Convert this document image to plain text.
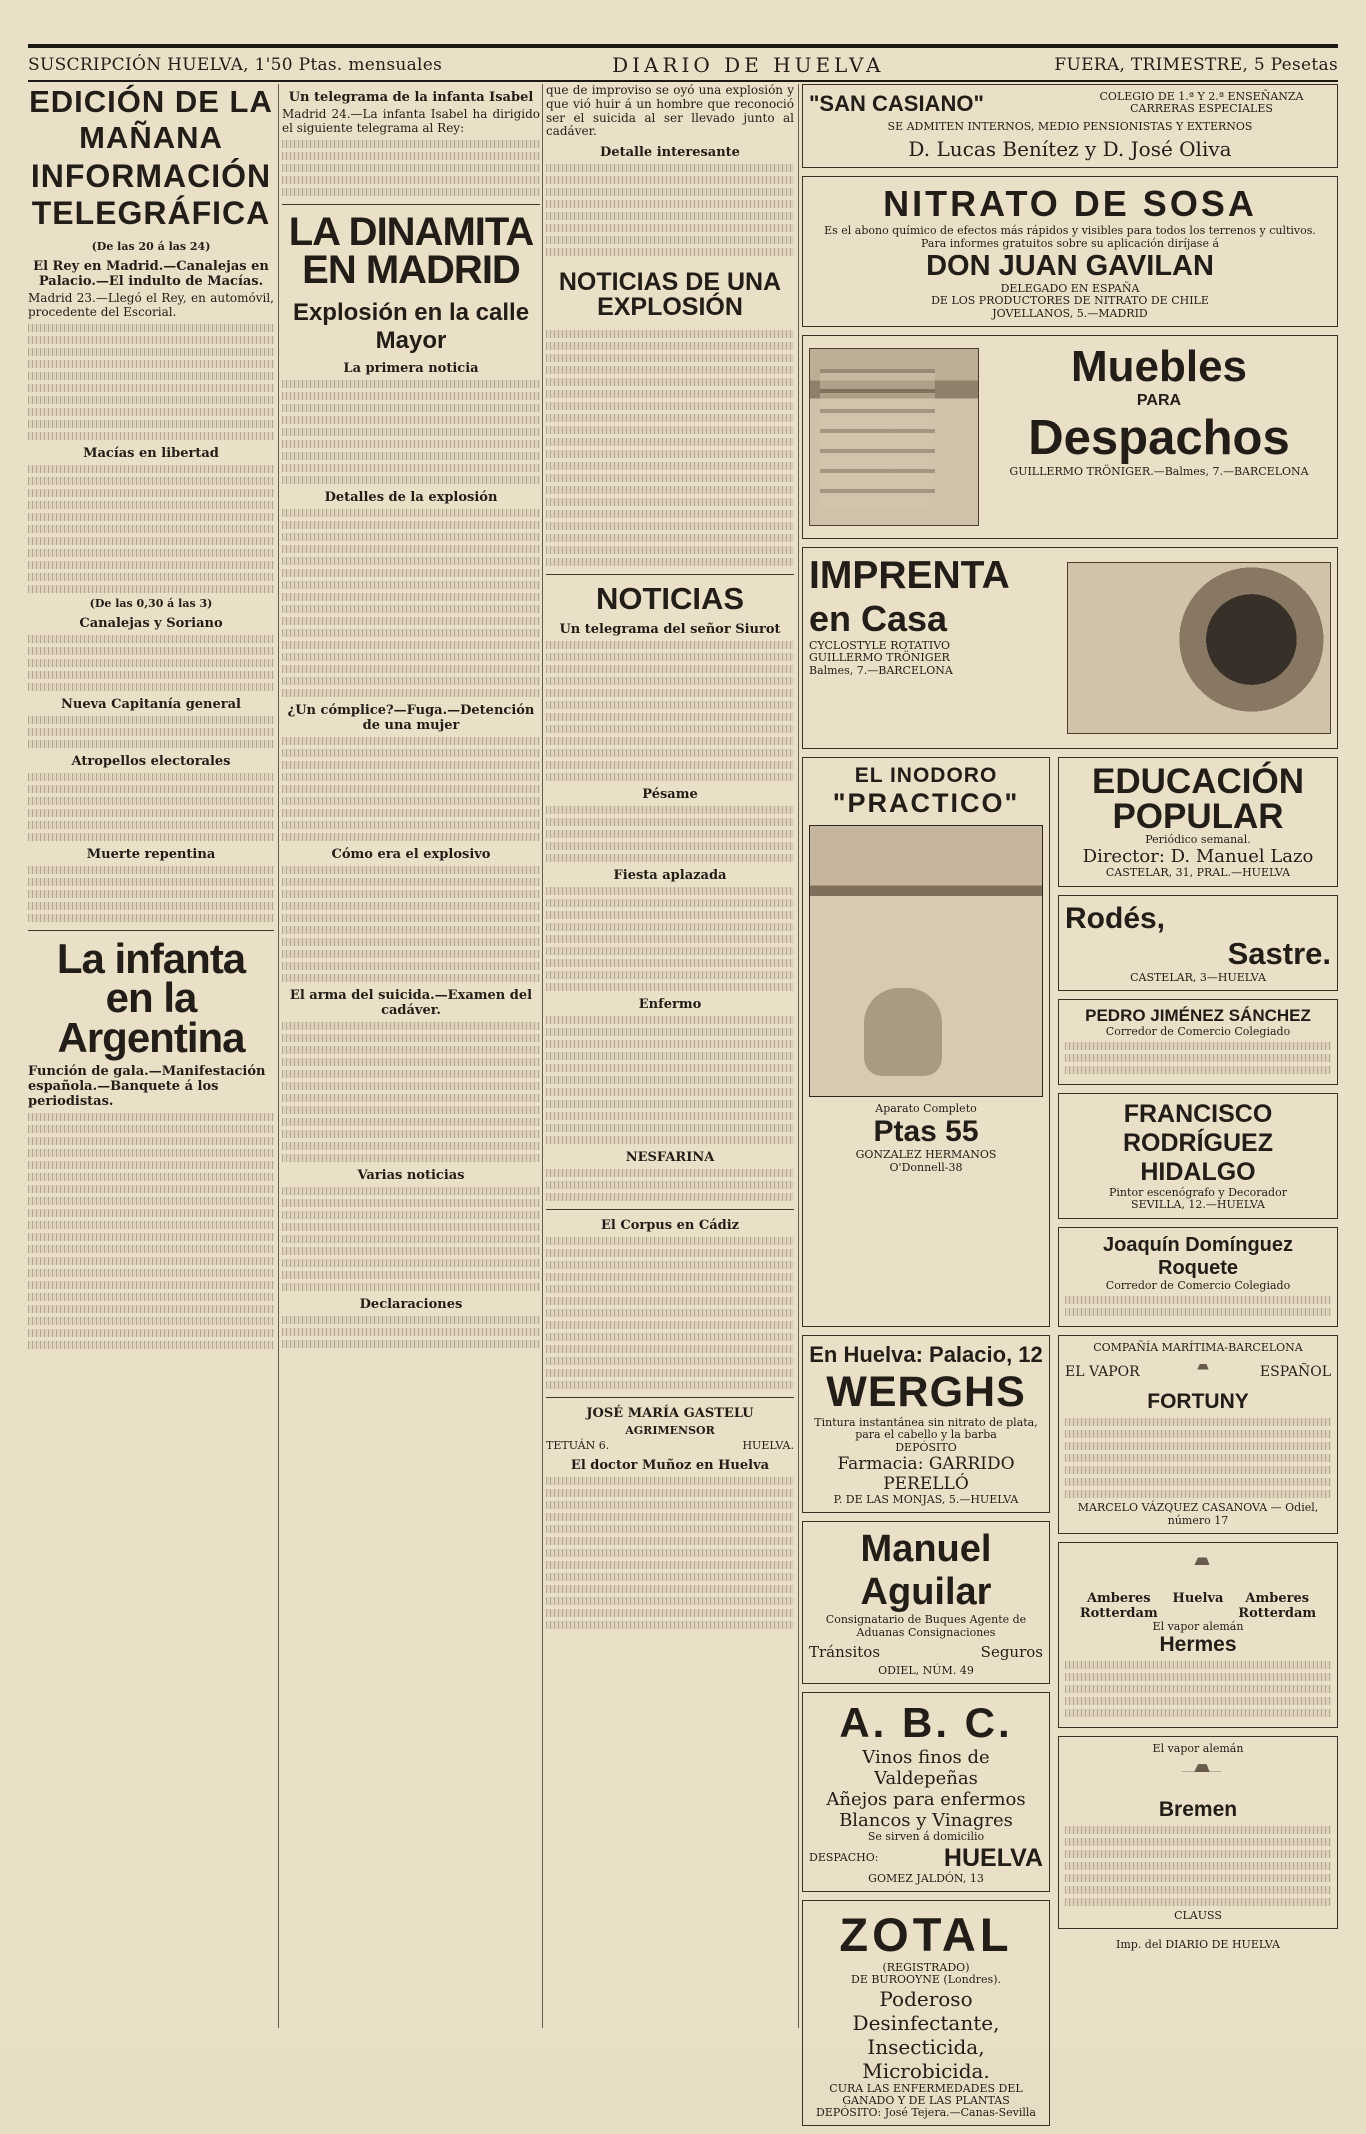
SUSCRIPCIÓN HUELVA, 1'50 Ptas. mensuales	DIARIO DE HUELVA	FUERA, TRIMESTRE, 5 Pesetas
EDICIÓN DE LA MAÑANA
INFORMACIÓN TELEGRÁFICA
(De las 20 á las 24)
El Rey en Madrid.—Canalejas en Palacio.—El indulto de Macías.
Madrid 23.—Llegó el Rey, en automóvil, procedente del Escorial.
Macías en libertad
(De las 0,30 á las 3)
Canalejas y Soriano
Nueva Capitanía general
Atropellos electorales
Muerte repentina
La infanta en la Argentina
Función de gala.—Manifestación española.—Banquete á los periodistas.
Un telegrama de la infanta Isabel
Madrid 24.—La infanta Isabel ha dirigido el siguiente telegrama al Rey:
LA DINAMITA EN MADRID
Explosión en la calle Mayor
La primera noticia
Detalles de la explosión
¿Un cómplice?—Fuga.—Detención de una mujer
Cómo era el explosivo
El arma del suicida.—Examen del cadáver.
Varias noticias
Declaraciones
que de improviso se oyó una explosión y que vió huir á un hombre que reconoció ser el suicida al ser llevado junto al cadáver.
Detalle interesante
NOTICIAS DE UNA EXPLOSIÓN
NOTICIAS
Un telegrama del señor Siurot
Pésame
Fiesta aplazada
Enfermo
NESFARINA
El Corpus en Cádiz
JOSÉ MARÍA GASTELU
AGRIMENSOR
TETUÁN 6.	HUELVA.
El doctor Muñoz en Huelva
"SAN CASIANO"	COLEGIO DE 1.ª Y 2.ª ENSEÑANZA CARRERAS ESPECIALES
SE ADMITEN INTERNOS, MEDIO PENSIONISTAS Y EXTERNOS
D. Lucas Benítez y D. José Oliva
NITRATO DE SOSA
Es el abono químico de efectos más rápidos y visibles para todos los terrenos y cultivos.
Para informes gratuitos sobre su aplicación diríjase á
DON JUAN GAVILAN
DELEGADO EN ESPAÑA
DE LOS PRODUCTORES DE NITRATO DE CHILE
JOVELLANOS, 5.—MADRID
Muebles
PARA
Despachos
GUILLERMO TRÖNIGER.—Balmes, 7.—BARCELONA
IMPRENTA
en Casa
CYCLOSTYLE ROTATIVO
GUILLERMO TRÖNIGER
Balmes, 7.—BARCELONA
EL INODORO
"PRACTICO"
Aparato Completo
Ptas 55
GONZALEZ HERMANOS
O'Donnell-38
EDUCACIÓN POPULAR
Periódico semanal.
Director: D. Manuel Lazo
CASTELAR, 31, PRAL.—HUELVA
Rodés,
Sastre.
CASTELAR, 3—HUELVA
PEDRO JIMÉNEZ SÁNCHEZ
Corredor de Comercio Colegiado
FRANCISCO RODRÍGUEZ HIDALGO
Pintor escenógrafo y Decorador
SEVILLA, 12.—HUELVA
Joaquín Domínguez Roquete
Corredor de Comercio Colegiado
En Huelva: Palacio, 12
WERGHS
Tintura instantánea sin nitrato de plata, para el cabello y la barba
DEPÓSITO
Farmacia: GARRIDO PERELLÓ
P. DE LAS MONJAS, 5.—HUELVA
Manuel Aguilar
Consignatario de Buques Agente de Aduanas Consignaciones
Tránsitos	Seguros
ODIEL, NÚM. 49
A. B. C.
Vinos finos de Valdepeñas
Añejos para enfermos
Blancos y Vinagres
Se sirven á domicilio
DESPACHO:	HUELVA
GOMEZ JALDÓN, 13
ZOTAL
(REGISTRADO)
DE BUROOYNE (Londres).
Poderoso Desinfectante,
Insecticida, Microbicida.
CURA LAS ENFERMEDADES DEL GANADO Y DE LAS PLANTAS
DEPÓSITO: José Tejera.—Canas-Sevilla
COMPAÑÍA MARÍTIMA-BARCELONA
EL VAPOR	ESPAÑOL
FORTUNY
MARCELO VÁZQUEZ CASANOVA — Odiel, número 17
Amberes Rotterdam
Huelva	Amberes Rotterdam
El vapor alemán
Hermes
El vapor alemán
Bremen
CLAUSS
Imp. del DIARIO DE HUELVA
